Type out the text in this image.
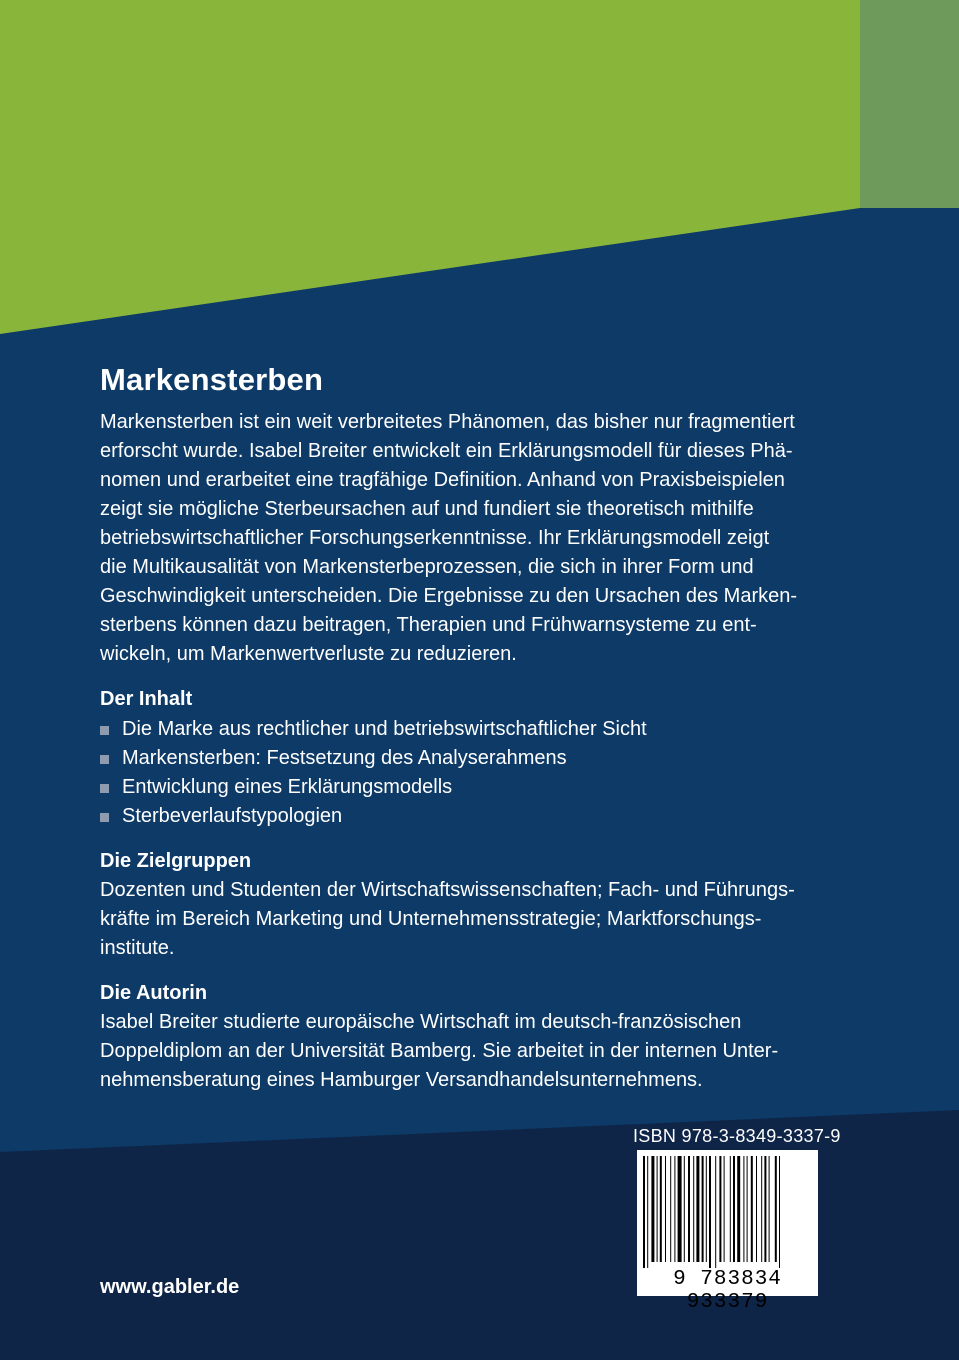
Markensterben

Markensterben ist ein weit verbreitetes Phänomen, das bisher nur fragmentiert
erforscht wurde. Isabel Breiter entwickelt ein Erklärungsmodell für dieses Phä-
nomen und erarbeitet eine tragfähige Definition. Anhand von Praxisbeispielen
zeigt sie mögliche Sterbeursachen auf und fundiert sie theoretisch mithilfe
betriebswirtschaftlicher Forschungserkenntnisse. Ihr Erklärungsmodell zeigt
die Multikausalität von Markensterbeprozessen, die sich in ihrer Form und
Geschwindigkeit unterscheiden. Die Ergebnisse zu den Ursachen des Marken-
sterbens können dazu beitragen, Therapien und Frühwarnsysteme zu ent-
wickeln, um Markenwertverluste zu reduzieren.

Der Inhalt
Die Marke aus rechtlicher und betriebswirtschaftlicher Sicht
Markensterben: Festsetzung des Analyserahmens
Entwicklung eines Erklärungsmodells
Sterbeverlaufstypologien
Die Zielgruppen

Dozenten und Studenten der Wirtschaftswissenschaften; Fach- und Führungs-
kräfte im Bereich Marketing und Unternehmensstrategie; Marktforschungs-
institute.

Die Autorin

Isabel Breiter studierte europäische Wirtschaft im deutsch-französischen
Doppeldiplom an der Universität Bamberg. Sie arbeitet in der internen Unter-
nehmensberatung eines Hamburger Versandhandelsunternehmens.

ISBN 978-3-8349-3337-9
9 783834 933379
www.gabler.de
